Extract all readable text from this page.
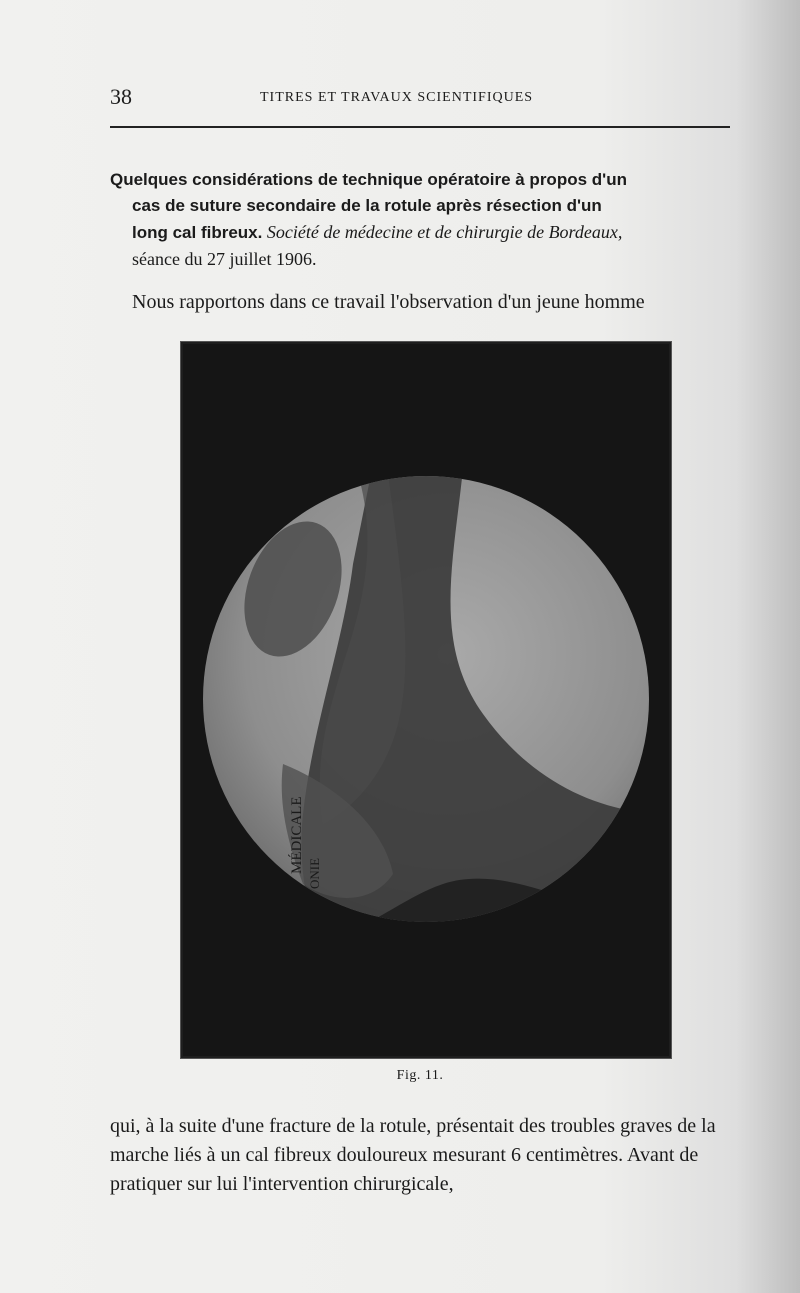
38	TITRES ET TRAVAUX SCIENTIFIQUES
Quelques considérations de technique opératoire à propos d'un
cas de suture secondaire de la rotule après résection d'un
long cal fibreux. Société de médecine et de chirurgie de Bordeaux,
séance du 27 juillet 1906.
Nous rapportons dans ce travail l'observation d'un jeune homme
MÉDICALE ONIE
Fig. 11.
qui, à la suite d'une fracture de la rotule, présentait des troubles graves de la marche liés à un cal fibreux douloureux mesurant 6 centimètres. Avant de pratiquer sur lui l'intervention chirurgicale,
